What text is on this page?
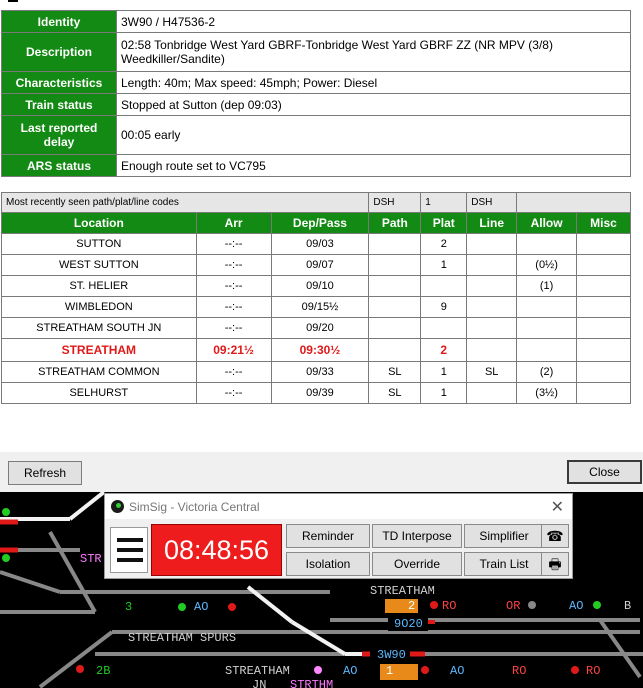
Identity	3W90 / H47536-2
Description	02:58 Tonbridge West Yard GBRF-Tonbridge West Yard GBRF ZZ (NR MPV (3/8) Weedkiller/Sandite)
Characteristics	Length: 40m; Max speed: 45mph; Power: Diesel
Train status	Stopped at Sutton (dep 09:03)
Last reported delay	00:05 early
ARS status	Enough route set to VC795
Most recently seen path/plat/line codes			DSH	1	DSH		
Location	Arr	Dep/Pass	Path	Plat	Line	Allow	Misc
SUTTON	--:--	09/03		2			
WEST SUTTON	--:--	09/07		1		(0½)	
ST. HELIER	--:--	09/10				(1)	
WIMBLEDON	--:--	09/15½		9			
STREATHAM SOUTH JN	--:--	09/20					
STREATHAM	09:21½	09:30½		2			
STREATHAM COMMON	--:--	09/33	SL	1	SL	(2)	
SELHURST	--:--	09/39	SL	1		(3½)	
Refresh	Close
STR
3	AO
STREATHAM SPURS
2B
STREATHAM
2 RO	OR	AO	B
9O20
3W90
STREATHAM
JN STRTHM
AO 1	AO	RO	RO
SimSig - Victoria Central	✕
08:48:56	Reminder	TD Interpose	Simplifier	☎
Isolation	Override	Train List	🖶
